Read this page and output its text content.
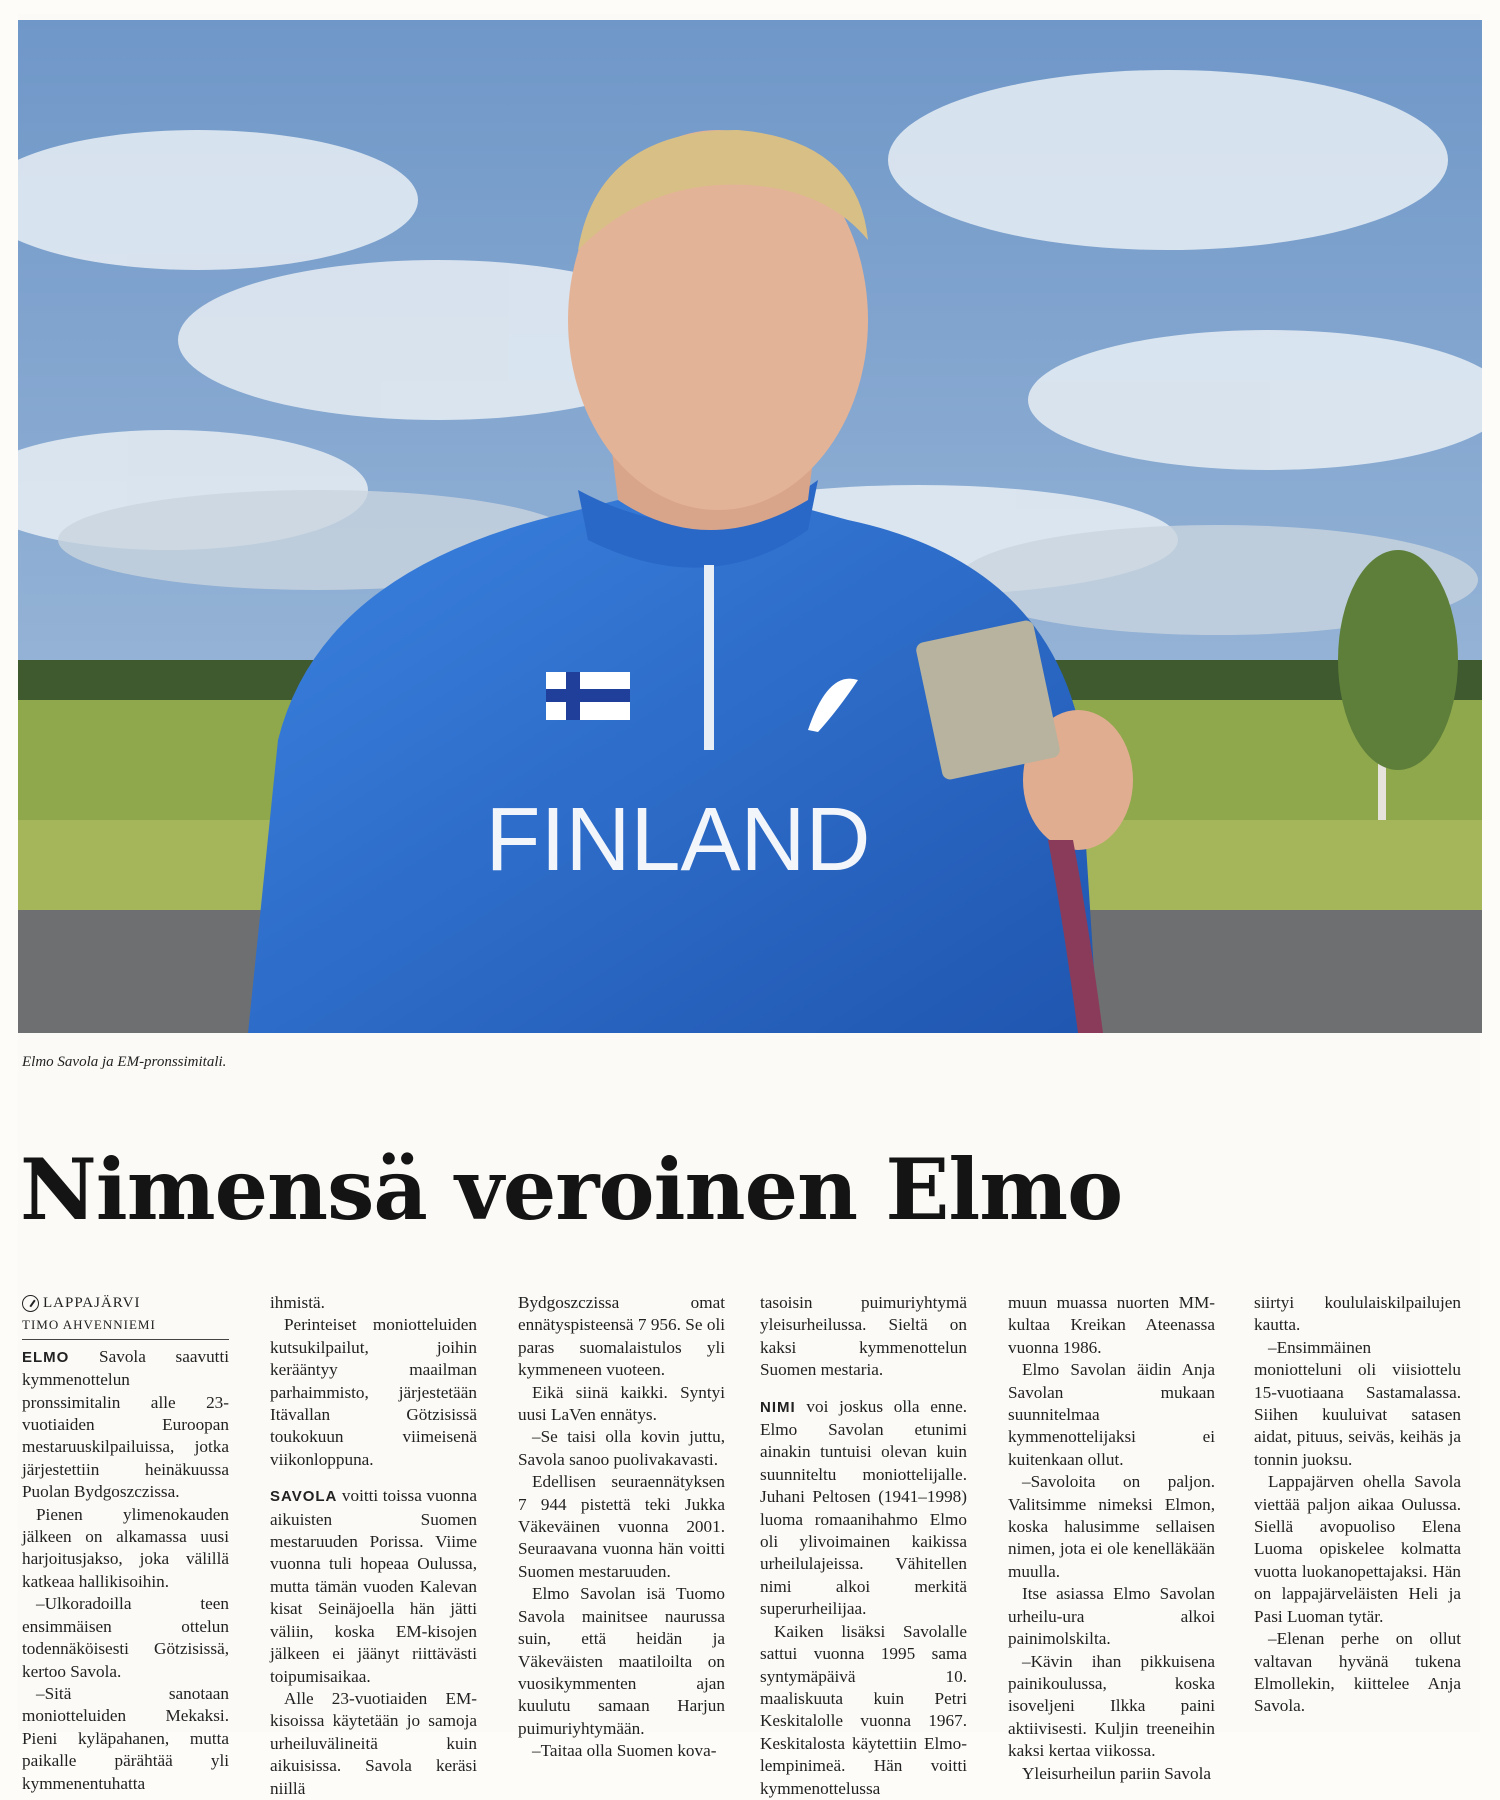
FINLAND
Elmo Savola ja EM-pronssimitali.
Nimensä veroinen Elmo
LAPPAJÄRVI
TIMO AHVENNIEMI

ELMO Savola saavutti kymmenottelun pronssimitalin alle 23-vuotiaiden Euroopan mestaruuskilpailuissa, jotka järjestettiin heinäkuussa Puolan Bydgoszczissa.

Pienen ylimenokauden jälkeen on alkamassa uusi harjoitusjakso, joka välillä katkeaa hallikisoihin.

–Ulkoradoilla teen ensimmäisen ottelun todennäköisesti Götzisissä, kertoo Savola.

–Sitä sanotaan moniotteluiden Mekaksi. Pieni kyläpahanen, mutta paikalle pärähtää yli kymmenentuhatta

ihmistä.

Perinteiset moniotteluiden kutsukilpailut, joihin kerääntyy maailman parhaimmisto, järjestetään Itävallan Götzisissä toukokuun viimeisenä viikonloppuna.

SAVOLA voitti toissa vuonna aikuisten Suomen mestaruuden Porissa. Viime vuonna tuli hopeaa Oulussa, mutta tämän vuoden Kalevan kisat Seinäjoella hän jätti väliin, koska EM-kisojen jälkeen ei jäänyt riittävästi toipumisaikaa.

Alle 23-vuotiaiden EM-kisoissa käytetään jo samoja urheiluvälineitä kuin aikuisissa. Savola keräsi niillä

Bydgoszczissa omat ennätyspisteensä 7 956. Se oli paras suomalaistulos yli kymmeneen vuoteen.

Eikä siinä kaikki. Syntyi uusi LaVen ennätys.

–Se taisi olla kovin juttu, Savola sanoo puolivakavasti.

Edellisen seuraennätyksen 7 944 pistettä teki Jukka Väkeväinen vuonna 2001. Seuraavana vuonna hän voitti Suomen mestaruuden.

Elmo Savolan isä Tuomo Savola mainitsee naurussa suin, että heidän ja Väkeväisten maatiloilta on vuosikymmenten ajan kuulutu samaan Harjun puimuriyhtymään.

–Taitaa olla Suomen kova-

tasoisin puimuriyhtymä yleisurheilussa. Sieltä on kaksi kymmenottelun Suomen mestaria.

NIMI voi joskus olla enne. Elmo Savolan etunimi ainakin tuntuisi olevan kuin suunniteltu moniottelijalle. Juhani Peltosen (1941–1998) luoma romaanihahmo Elmo oli ylivoimainen kaikissa urheilulajeissa. Vähitellen nimi alkoi merkitä superurheilijaa.

Kaiken lisäksi Savolalle sattui vuonna 1995 sama syntymäpäivä 10. maaliskuuta kuin Petri Keskitalolle vuonna 1967. Keskitalosta käytettiin Elmo-lempinimeä. Hän voitti kymmenottelussa

muun muassa nuorten MM-kultaa Kreikan Ateenassa vuonna 1986.

Elmo Savolan äidin Anja Savolan mukaan suunnitelmaa kymmenottelijaksi ei kuitenkaan ollut.

–Savoloita on paljon. Valitsimme nimeksi Elmon, koska halusimme sellaisen nimen, jota ei ole kenelläkään muulla.

Itse asiassa Elmo Savolan urheilu-ura alkoi painimolskilta.

–Kävin ihan pikkuisena painikoulussa, koska isoveljeni Ilkka paini aktiivisesti. Kuljin treeneihin kaksi kertaa viikossa.

Yleisurheilun pariin Savola

siirtyi koululaiskilpailujen kautta.

–Ensimmäinen moniotteluni oli viisiottelu 15-vuotiaana Sastamalassa. Siihen kuuluivat satasen aidat, pituus, seiväs, keihäs ja tonnin juoksu.

Lappajärven ohella Savola viettää paljon aikaa Oulussa. Siellä avopuoliso Elena Luoma opiskelee kolmatta vuotta luokanopettajaksi. Hän on lappajärveläisten Heli ja Pasi Luoman tytär.

–Elenan perhe on ollut valtavan hyvänä tukena Elmollekin, kiittelee Anja Savola.
